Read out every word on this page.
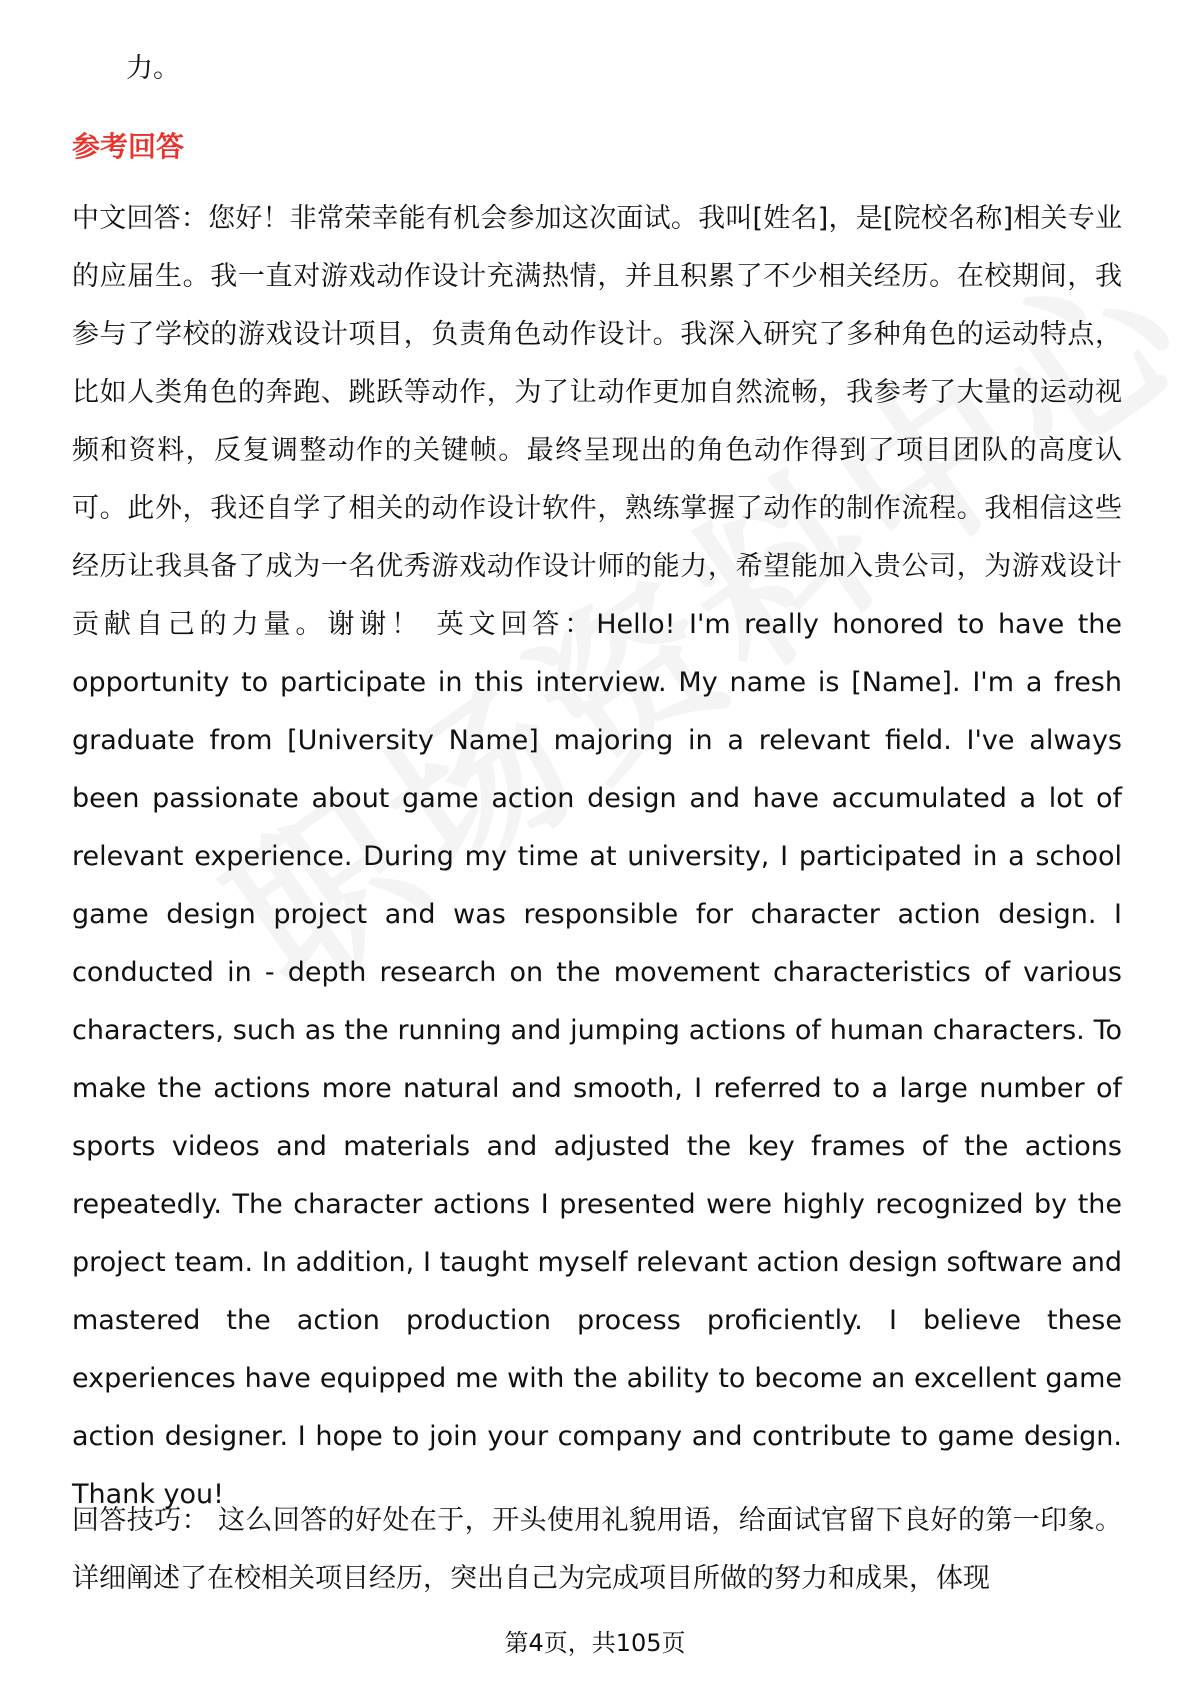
力。

参考回答

中文回答：您好！非常荣幸能有机会参加这次面试。我叫[姓名]，是[院校名称]相关专业的应届生。我一直对游戏动作设计充满热情，并且积累了不少相关经历。在校期间，我参与了学校的游戏设计项目，负责角色动作设计。我深入研究了多种角色的运动特点，比如人类角色的奔跑、跳跃等动作，为了让动作更加自然流畅，我参考了大量的运动视频和资料，反复调整动作的关键帧。最终呈现出的角色动作得到了项目团队的高度认可。此外，我还自学了相关的动作设计软件，熟练掌握了动作的制作流程。我相信这些经历让我具备了成为一名优秀游戏动作设计师的能力，希望能加入贵公司，为游戏设计贡献自己的力量。谢谢！ 英文回答：Hello! I'm really honored to have the opportunity to participate in this interview. My name is [Name]. I'm a fresh graduate from [University Name] majoring in a relevant field. I've always been passionate about game action design and have accumulated a lot of relevant experience. During my time at university, I participated in a school game design project and was responsible for character action design. I conducted in - depth research on the movement characteristics of various characters, such as the running and jumping actions of human characters. To make the actions more natural and smooth, I referred to a large number of sports videos and materials and adjusted the key frames of the actions repeatedly. The character actions I presented were highly recognized by the project team. In addition, I taught myself relevant action design software and mastered the action production process proficiently. I believe these experiences have equipped me with the ability to become an excellent game action designer. I hope to join your company and contribute to game design. Thank you!

回答技巧： 这么回答的好处在于，开头使用礼貌用语，给面试官留下良好的第一印象。详细阐述了在校相关项目经历，突出自己为完成项目所做的努力和成果，体现

第4页，共105页
